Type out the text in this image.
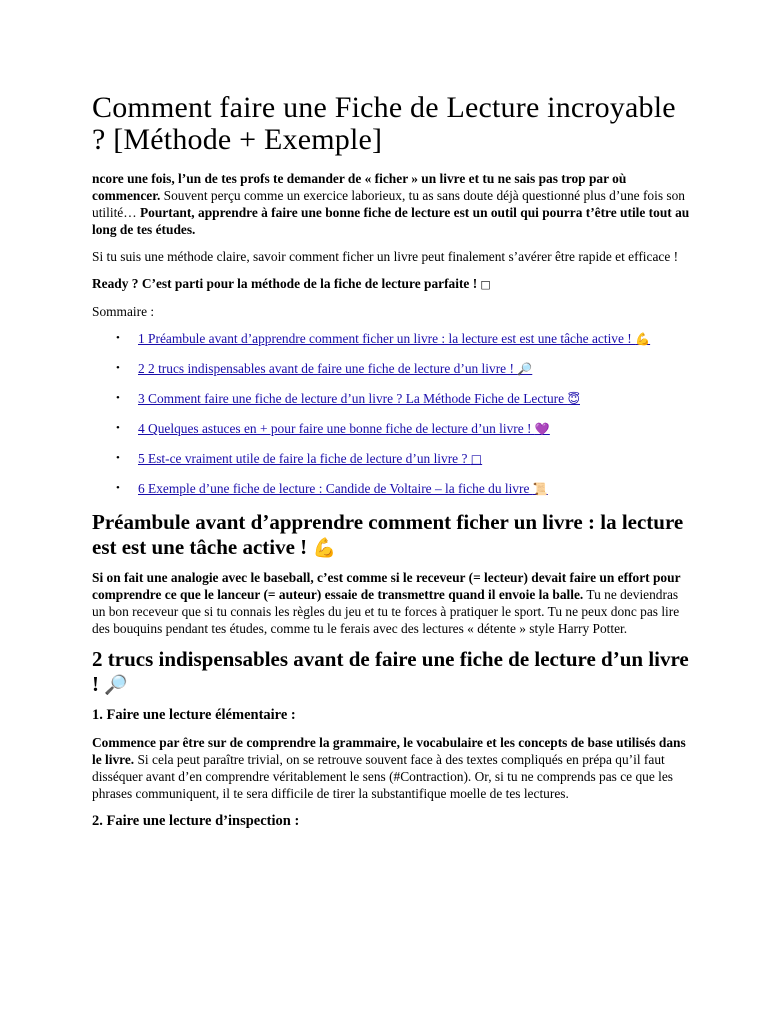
Comment faire une Fiche de Lecture incroyable ? [Méthode + Exemple]

ncore une fois, l’un de tes profs te demander de « ficher » un livre et tu ne sais pas trop par où commencer. Souvent perçu comme un exercice laborieux, tu as sans doute déjà questionné plus d’une fois son utilité… Pourtant, apprendre à faire une bonne fiche de lecture est un outil qui pourra t’être utile tout au long de tes études.

Si tu suis une méthode claire, savoir comment ficher un livre peut finalement s’avérer être rapide et efficace !

Ready ? C’est parti pour la méthode de la fiche de lecture parfaite ! □

Sommaire :

• 1 Préambule avant d’apprendre comment ficher un livre : la lecture est est une tâche active ! 💪
• 2 2 trucs indispensables avant de faire une fiche de lecture d’un livre ! 🔎
• 3 Comment faire une fiche de lecture d’un livre ? La Méthode Fiche de Lecture 😇
• 4 Quelques astuces en + pour faire une bonne fiche de lecture d’un livre ! 💜
• 5 Est-ce vraiment utile de faire la fiche de lecture d’un livre ? □
• 6 Exemple d’une fiche de lecture : Candide de Voltaire – la fiche du livre 📜
Préambule avant d’apprendre comment ficher un livre : la lecture est est une tâche active ! 💪

Si on fait une analogie avec le baseball, c’est comme si le receveur (= lecteur) devait faire un effort pour comprendre ce que le lanceur (= auteur) essaie de transmettre quand il envoie la balle. Tu ne deviendras un bon receveur que si tu connais les règles du jeu et tu te forces à pratiquer le sport. Tu ne peux donc pas lire des bouquins pendant tes études, comme tu le ferais avec des lectures « détente » style Harry Potter.

2 trucs indispensables avant de faire une fiche de lecture d’un livre ! 🔎
1. Faire une lecture élémentaire :

Commence par être sur de comprendre la grammaire, le vocabulaire et les concepts de base utilisés dans le livre. Si cela peut paraître trivial, on se retrouve souvent face à des textes compliqués en prépa qu’il faut disséquer avant d’en comprendre véritablement le sens (#Contraction). Or, si tu ne comprends pas ce que les phrases communiquent, il te sera difficile de tirer la substantifique moelle de tes lectures.

2. Faire une lecture d’inspection :
